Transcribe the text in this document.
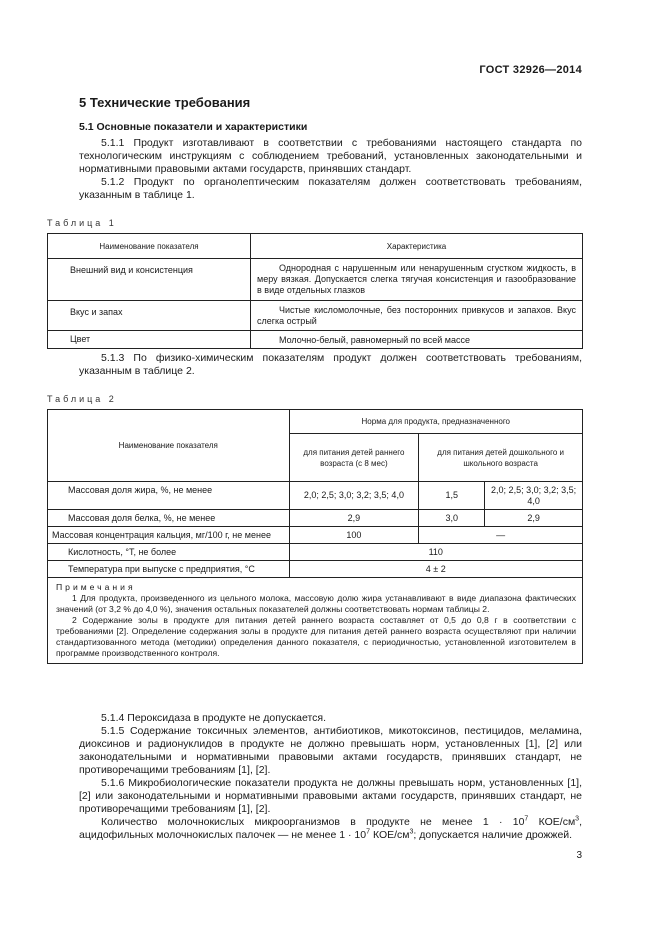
ГОСТ 32926—2014
5 Технические требования
5.1 Основные показатели и характеристики
5.1.1 Продукт изготавливают в соответствии с требованиями настоящего стандарта по технологическим инструкциям с соблюдением требований, установленных законодательными и нормативными правовыми актами государств, принявших стандарт.
5.1.2 Продукт по органолептическим показателям должен соответствовать требованиям, указанным в таблице 1.
Таблица 1
Наименование показателя	Характеристика
Внешний вид и консистенция	Однородная с нарушенным или ненарушенным сгустком жидкость, в меру вязкая. Допускается слегка тягучая консистенция и газообразование в виде отдельных глазков
Вкус и запах	Чистые кисломолочные, без посторонних привкусов и запахов. Вкус слегка острый
Цвет	Молочно-белый, равномерный по всей массе
5.1.3 По физико-химическим показателям продукт должен соответствовать требованиям, указанным в таблице 2.
Таблица 2
Наименование показателя	Норма для продукта, предназначенного		
	для питания детей раннего возраста (с 8 мес)	для питания детей дошкольного и школьного возраста	
Массовая доля жира, %, не менее	2,0; 2,5; 3,0; 3,2; 3,5; 4,0	1,5	2,0; 2,5; 3,0; 3,2; 3,5; 4,0
Массовая доля белка, %, не менее	2,9	3,0	2,9
Массовая концентрация кальция, мг/100 г, не менее	100	—	
Кислотность, °Т, не более	110		
Температура при выпуске с предприятия, °С	4 ± 2		

Примечания
1 Для продукта, произведенного из цельного молока, массовую долю жира устанавливают в виде диапазона фактических значений (от 3,2 % до 4,0 %), значения остальных показателей должны соответствовать нормам таблицы 2.
2 Содержание золы в продукте для питания детей раннего возраста составляет от 0,5 до 0,8 г в соответствии с требованиями [2]. Определение содержания золы в продукте для питания детей раннего возраста осуществляют при наличии стандартизованного метода (методики) определения данного показателя, с периодичностью, установленной изготовителем в программе производственного контроля.			
5.1.4 Пероксидаза в продукте не допускается.
5.1.5 Содержание токсичных элементов, антибиотиков, микотоксинов, пестицидов, меламина, диоксинов и радионуклидов в продукте не должно превышать норм, установленных [1], [2] или законодательными и нормативными правовыми актами государств, принявших стандарт, не противоречащими требованиям [1], [2].
5.1.6 Микробиологические показатели продукта не должны превышать норм, установленных [1], [2] или законодательными и нормативными правовыми актами государств, принявших стандарт, не противоречащими требованиям [1], [2].
Количество молочнокислых микроорганизмов в продукте не менее $1 \cdot 10^7$ КОЕ/$см^3$, ацидофильных молочнокислых палочек — не менее $1 \cdot 10^7$ КОЕ/$см^3$; допускается наличие дрожжей.
3
